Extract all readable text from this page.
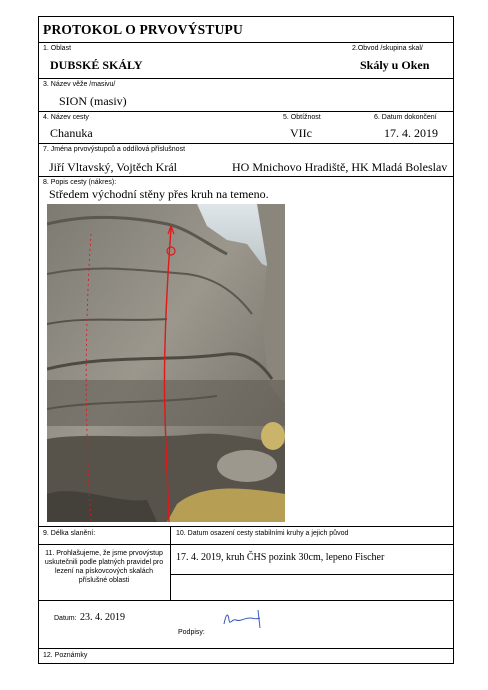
PROTOKOL O PRVOVÝSTUPU
1. Oblast
DUBSKÉ SKÁLY
2.Obvod /skupina skal/
Skály u Oken
3. Název věže /masivu/
SION (masiv)
4. Název cesty
Chanuka
5. Obtížnost
VIIc
6. Datum dokončení
17. 4. 2019
7. Jména prvovýstupců a oddílová příslušnost
Jiří Vltavský, Vojtěch Král	HO Mnichovo Hradiště, HK Mladá Boleslav
8. Popis cesty (nákres):
Středem východní stěny přes kruh na temeno.
9. Délka slanění:	10. Datum osazení cesty stabilními kruhy a jejich původ
11. Prohlašujeme, že jsme prvovýstup uskutečnili podle platných pravidel pro lezení na pískovcových skalách příslušné oblasti
17. 4. 2019, kruh ČHS pozink 30cm, lepeno Fischer
Datum: 23. 4. 2019
Podpisy:
12. Poznámky
